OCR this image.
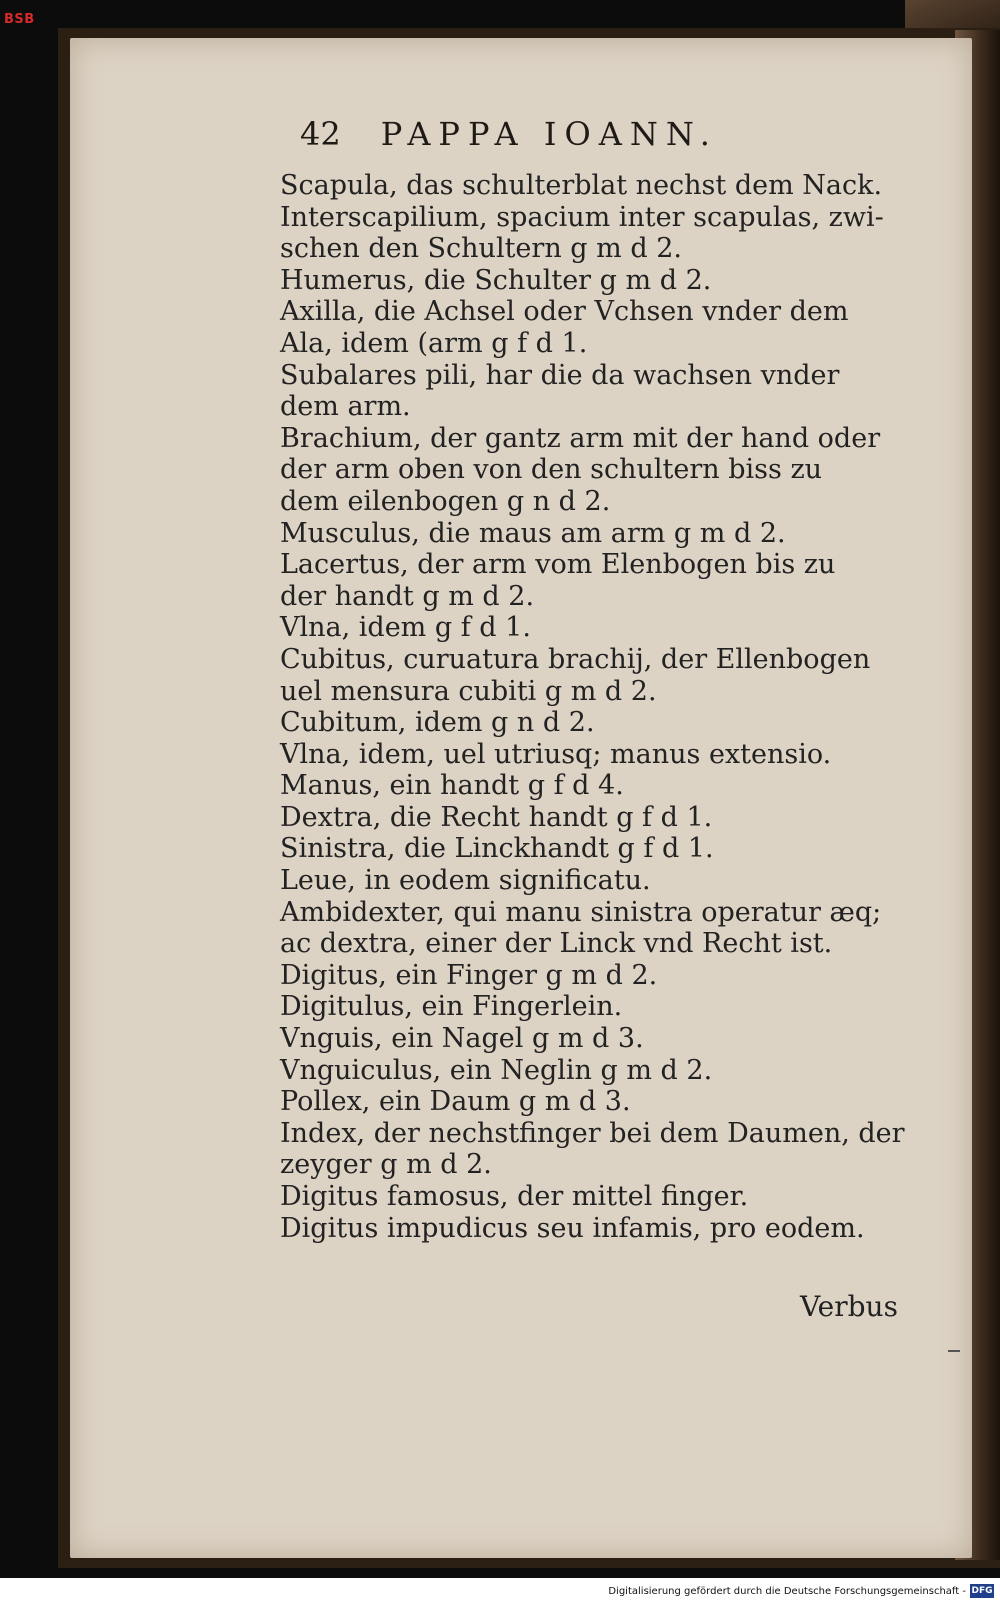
BSB
42 PAPPA IOANN.
Scapula, das schulterblat nechst dem Nack.
Interscapilium, spacium inter scapulas, zwi-
schen den Schultern g m d 2.
Humerus, die Schulter g m d 2.
Axilla, die Achsel oder Vchsen vnder dem
Ala, idem (arm g f d 1.
Subalares pili, har die da wachsen vnder
dem arm.
Brachium, der gantz arm mit der hand oder
der arm oben von den schultern biss zu
dem eilenbogen g n d 2.
Musculus, die maus am arm g m d 2.
Lacertus, der arm vom Elenbogen bis zu
der handt g m d 2.
Vlna, idem g f d 1.
Cubitus, curuatura brachij, der Ellenbogen
uel mensura cubiti g m d 2.
Cubitum, idem g n d 2.
Vlna, idem, uel utriusq; manus extensio.
Manus, ein handt g f d 4.
Dextra, die Recht handt g f d 1.
Sinistra, die Linckhandt g f d 1.
Leue, in eodem significatu.
Ambidexter, qui manu sinistra operatur æq;
ac dextra, einer der Linck vnd Recht ist.
Digitus, ein Finger g m d 2.
Digitulus, ein Fingerlein.
Vnguis, ein Nagel g m d 3.
Vnguiculus, ein Neglin g m d 2.
Pollex, ein Daum g m d 3.
Index, der nechstfinger bei dem Daumen, der
zeyger g m d 2.
Digitus famosus, der mittel finger.
Digitus impudicus seu infamis, pro eodem.
Verbus
Digitalisierung gefördert durch die Deutsche Forschungsgemeinschaft - DFG
